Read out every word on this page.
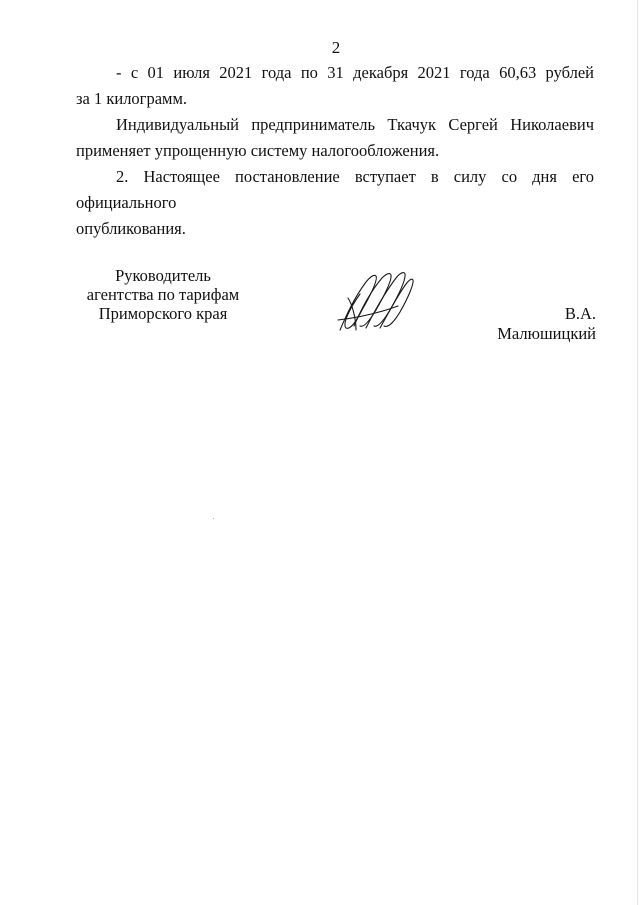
2
- с 01 июля 2021 года по 31 декабря 2021 года 60,63 рублей
за 1 килограмм.
Индивидуальный предприниматель Ткачук Сергей Николаевич
применяет упрощенную систему налогообложения.
2. Настоящее постановление вступает в силу со дня его официального
опубликования.
Руководитель
агентства по тарифам
Приморского края	В.А. Малюшицкий
